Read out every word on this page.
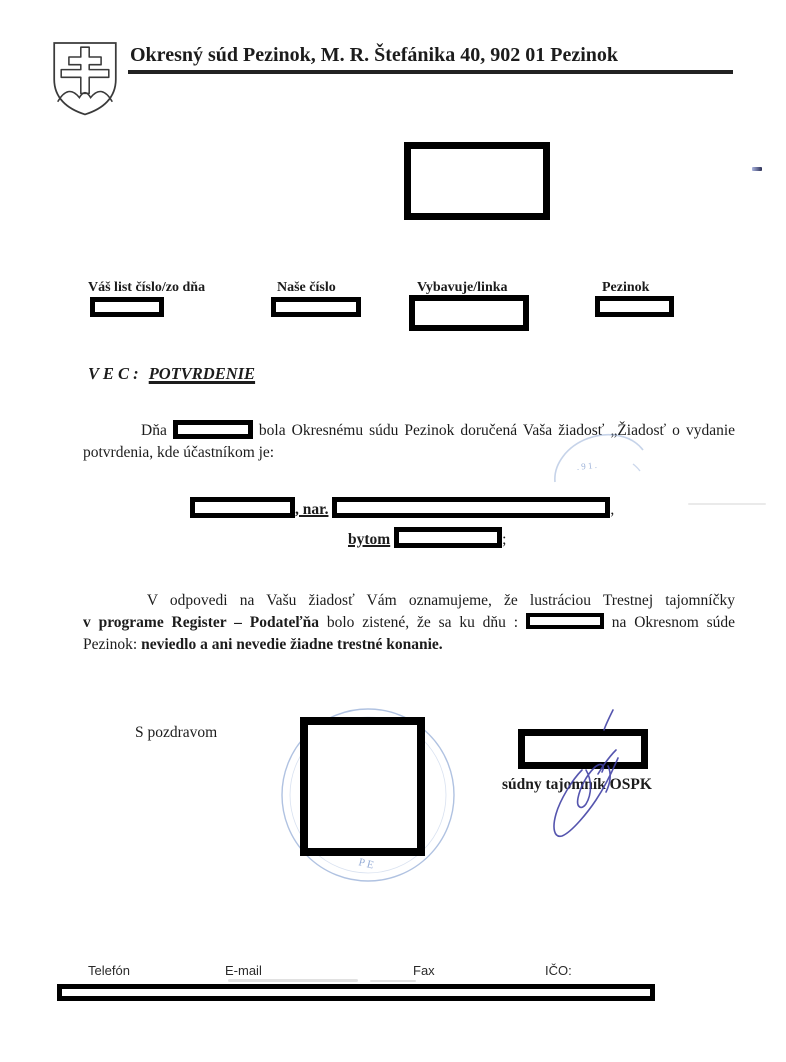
Okresný súd Pezinok, M. R. Štefánika 40, 902 01 Pezinok
Váš list číslo/zo dňa	Naše číslo	Vybavuje/linka	Pezinok
V E C : POTVRDENIE
Dňa	bola Okresnému súdu Pezinok doručená Vaša žiadosť „Žiadosť o vydanie
potvrdenia, kde účastníkom je:
. 9 1 .
, nar.	,
bytom	;
V odpovedi na Vašu žiadosť Vám oznamujeme, že lustráciou Trestnej tajomníčky
v programe Register – Podateľňa bolo zistené, že sa ku dňu :	na Okresnom súde
Pezinok: neviedlo a ani nevedie žiadne trestné konanie.
S pozdravom
P E
súdny tajomník OSPK
Telefón	E-mail	Fax	IČO:
